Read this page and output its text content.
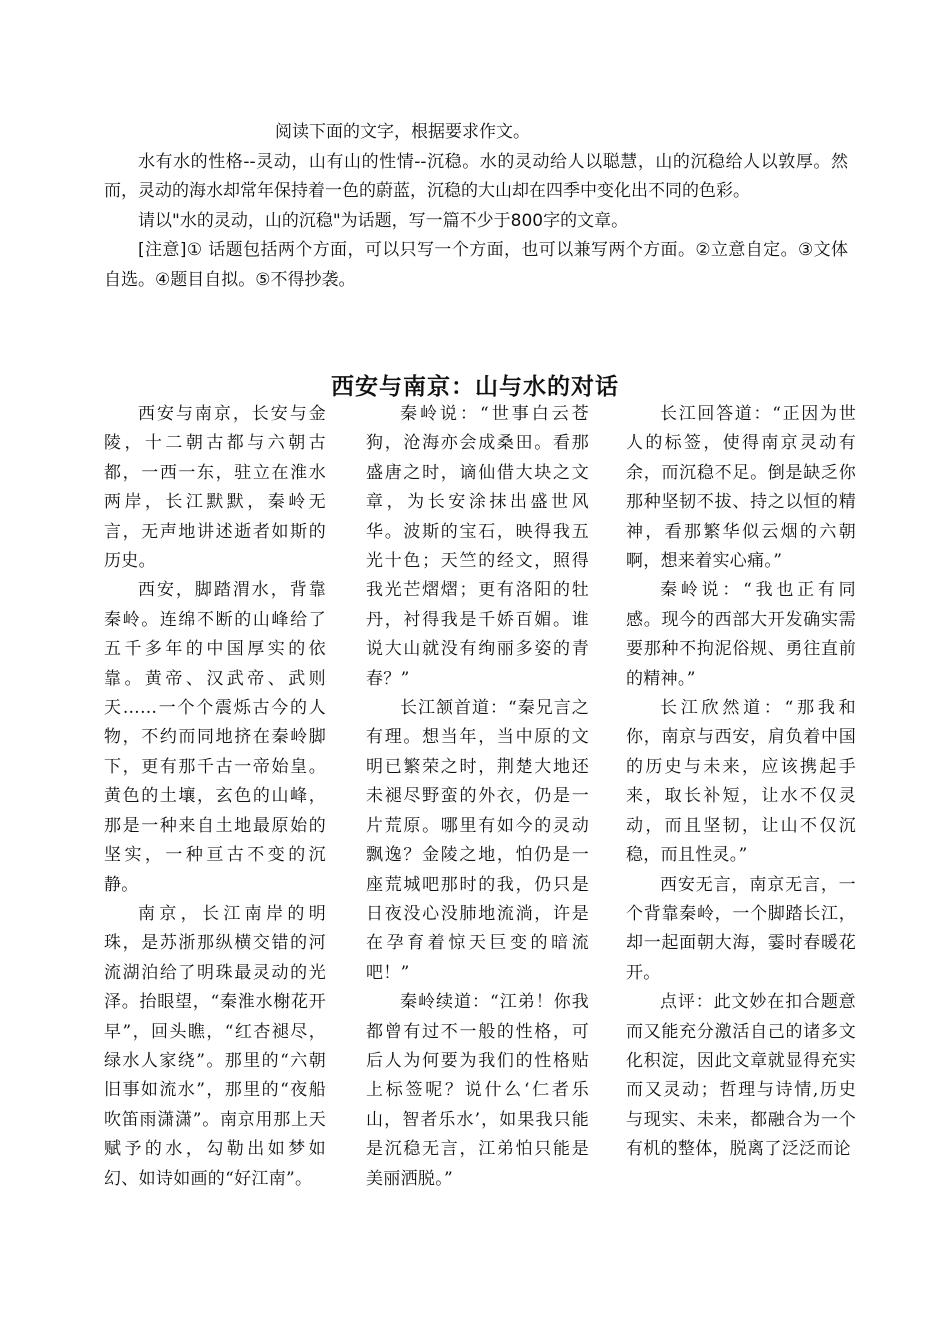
阅读下面的文字，根据要求作文。

水有水的性格--灵动，山有山的性情--沉稳。水的灵动给人以聪慧，山的沉稳给人以敦厚。然而，灵动的海水却常年保持着一色的蔚蓝，沉稳的大山却在四季中变化出不同的色彩。

请以"水的灵动，山的沉稳"为话题，写一篇不少于800字的文章。

[注意]① 话题包括两个方面，可以只写一个方面，也可以兼写两个方面。②立意自定。③文体自选。④题目自拟。⑤不得抄袭。

西安与南京：山与水的对话

西安与南京，长安与金陵，十二朝古都与六朝古都，一西一东，驻立在淮水两岸，长江默默，秦岭无言，无声地讲述逝者如斯的历史。

西安，脚踏渭水，背靠秦岭。连绵不断的山峰给了五千多年的中国厚实的依靠。黄帝、汉武帝、武则天……一个个震烁古今的人物，不约而同地挤在秦岭脚下，更有那千古一帝始皇。黄色的土壤，玄色的山峰，那是一种来自土地最原始的坚实，一种亘古不变的沉静。

南京，长江南岸的明珠，是苏浙那纵横交错的河流湖泊给了明珠最灵动的光泽。抬眼望，“秦淮水榭花开早”，回头瞧，“红杏褪尽，绿水人家绕”。那里的“六朝旧事如流水”，那里的“夜船吹笛雨潇潇”。南京用那上天赋予的水，勾勒出如梦如幻、如诗如画的“好江南”。

秦岭说：“世事白云苍狗，沧海亦会成桑田。看那盛唐之时，谪仙借大块之文章，为长安涂抹出盛世风华。波斯的宝石，映得我五光十色；天竺的经文，照得我光芒熠熠；更有洛阳的牡丹，衬得我是千娇百媚。谁说大山就没有绚丽多姿的青春？”

长江颔首道：“秦兄言之有理。想当年，当中原的文明已繁荣之时，荆楚大地还未褪尽野蛮的外衣，仍是一片荒原。哪里有如今的灵动飘逸？金陵之地，怕仍是一座荒城吧那时的我，仍只是日夜没心没肺地流淌，许是在孕育着惊天巨变的暗流吧！”

秦岭续道：“江弟！你我都曾有过不一般的性格，可后人为何要为我们的性格贴上标签呢？说什么‘仁者乐山，智者乐水’，如果我只能是沉稳无言，江弟怕只能是美丽洒脱。”

长江回答道：“正因为世人的标签，使得南京灵动有余，而沉稳不足。倒是缺乏你那种坚韧不拔、持之以恒的精神，看那繁华似云烟的六朝啊，想来着实心痛。”

秦岭说：“我也正有同感。现今的西部大开发确实需要那种不拘泥俗规、勇往直前的精神。”

长江欣然道：“那我和你，南京与西安，肩负着中国的历史与未来，应该携起手来，取长补短，让水不仅灵动，而且坚韧，让山不仅沉稳，而且性灵。”

西安无言，南京无言，一个背靠秦岭，一个脚踏长江，却一起面朝大海，霎时春暖花开。

点评：此文妙在扣合题意而又能充分激活自己的诸多文化积淀，因此文章就显得充实而又灵动；哲理与诗情,历史与现实、未来，都融合为一个有机的整体，脱离了泛泛而论
